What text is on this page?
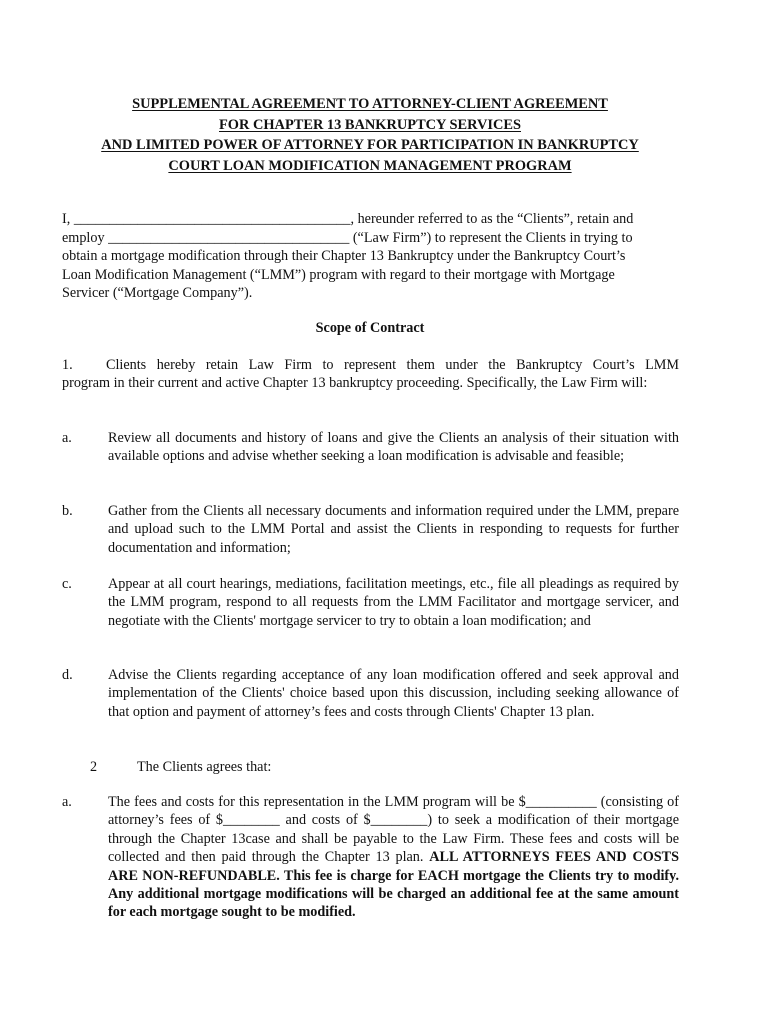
SUPPLEMENTAL AGREEMENT TO ATTORNEY-CLIENT AGREEMENT
FOR CHAPTER 13 BANKRUPTCY SERVICES
AND LIMITED POWER OF ATTORNEY FOR PARTICIPATION IN BANKRUPTCY
COURT LOAN MODIFICATION MANAGEMENT PROGRAM
I, _______________________________________, hereunder referred to as the “Clients”, retain and
employ __________________________________ (“Law Firm”) to represent the Clients in trying to
obtain a mortgage modification through their Chapter 13 Bankruptcy under the Bankruptcy Court’s
Loan Modification Management (“LMM”) program with regard to their mortgage with Mortgage
Servicer (“Mortgage Company”).
Scope of Contract
1.	Clients hereby retain Law Firm to represent them under the Bankruptcy Court’s LMM
program in their current and active Chapter 13 bankruptcy proceeding. Specifically, the Law Firm will:
a.	Review all documents and history of loans and give the Clients an analysis of their situation with available options and advise whether seeking a loan modification is advisable and feasible;
b. Gather from the Clients all necessary documents and information required under the LMM, prepare and upload such to the LMM Portal and assist the Clients in responding to requests for further documentation and information;
c.	Appear at all court hearings, mediations, facilitation meetings, etc., file all pleadings as required by the LMM program, respond to all requests from the LMM Facilitator and mortgage servicer, and negotiate with the Clients' mortgage servicer to try to obtain a loan modification; and
d. Advise the Clients regarding acceptance of any loan modification offered and seek approval and implementation of the Clients' choice based upon this discussion, including seeking allowance of that option and payment of attorney’s fees and costs through Clients' Chapter 13 plan.
2	The Clients agrees that:
a.	The fees and costs for this representation in the LMM program will be $__________ (consisting of attorney’s fees of $________ and costs of $________) to seek a modification of their mortgage through the Chapter 13case and shall be payable to the Law Firm. These fees and costs will be collected and then paid through the Chapter 13 plan. ALL ATTORNEYS FEES AND COSTS ARE NON-REFUNDABLE. This fee is charge for EACH mortgage the Clients try to modify. Any additional mortgage modifications will be charged an additional fee at the same amount for each mortgage sought to be modified.
